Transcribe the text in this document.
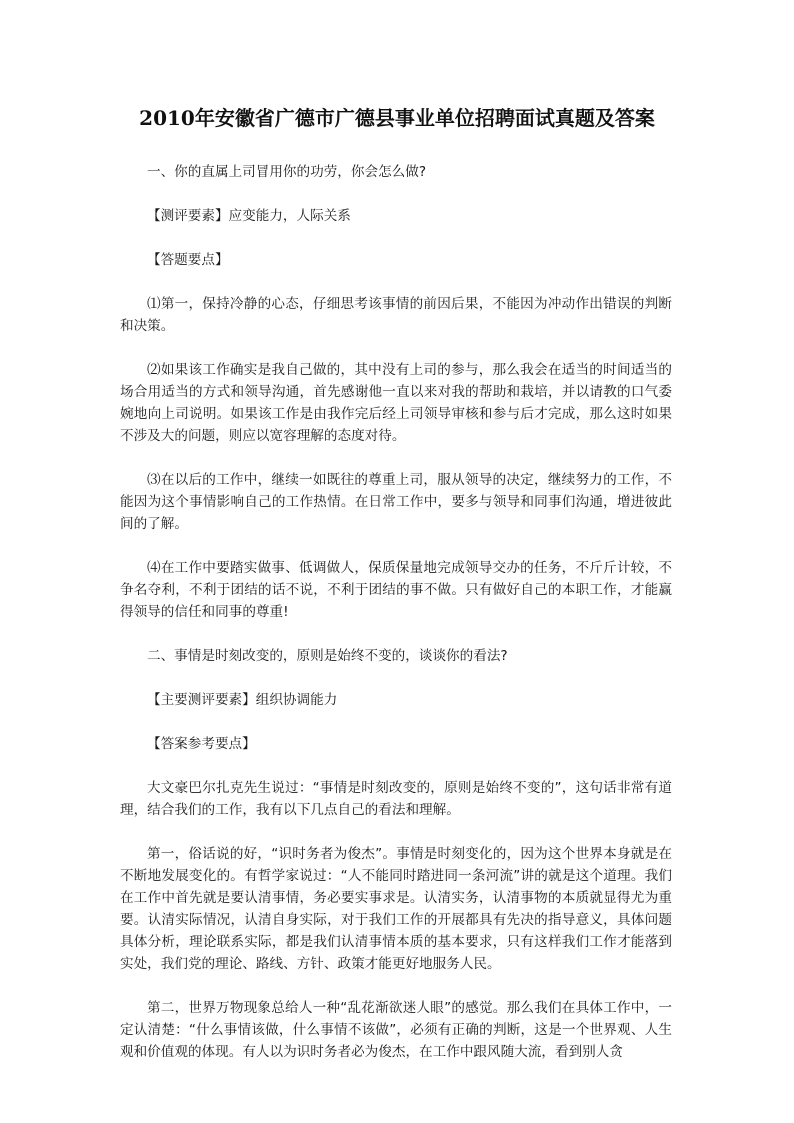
2010年安徽省广德市广德县事业单位招聘面试真题及答案

一、你的直属上司冒用你的功劳，你会怎么做?

【测评要素】应变能力，人际关系

【答题要点】

⑴第一，保持冷静的心态，仔细思考该事情的前因后果，不能因为冲动作出错误的判断和决策。

⑵如果该工作确实是我自己做的，其中没有上司的参与，那么我会在适当的时间适当的场合用适当的方式和领导沟通，首先感谢他一直以来对我的帮助和栽培，并以请教的口气委婉地向上司说明。如果该工作是由我作完后经上司领导审核和参与后才完成，那么这时如果不涉及大的问题，则应以宽容理解的态度对待。

⑶在以后的工作中，继续一如既往的尊重上司，服从领导的决定，继续努力的工作，不能因为这个事情影响自己的工作热情。在日常工作中，要多与领导和同事们沟通，增进彼此间的了解。

⑷在工作中要踏实做事、低调做人，保质保量地完成领导交办的任务，不斤斤计较，不争名夺利，不利于团结的话不说，不利于团结的事不做。只有做好自己的本职工作，才能赢得领导的信任和同事的尊重!

二、事情是时刻改变的，原则是始终不变的，谈谈你的看法?

【主要测评要素】组织协调能力

【答案参考要点】

大文豪巴尔扎克先生说过：“事情是时刻改变的，原则是始终不变的”，这句话非常有道理，结合我们的工作，我有以下几点自己的看法和理解。

第一，俗话说的好，“识时务者为俊杰”。事情是时刻变化的，因为这个世界本身就是在不断地发展变化的。有哲学家说过：“人不能同时踏进同一条河流”讲的就是这个道理。我们在工作中首先就是要认清事情，务必要实事求是。认清实务，认清事物的本质就显得尤为重要。认清实际情况，认清自身实际，对于我们工作的开展都具有先决的指导意义，具体问题具体分析，理论联系实际，都是我们认清事情本质的基本要求，只有这样我们工作才能落到实处，我们党的理论、路线、方针、政策才能更好地服务人民。

第二，世界万物现象总给人一种“乱花渐欲迷人眼”的感觉。那么我们在具体工作中，一定认清楚：“什么事情该做，什么事情不该做”，必须有正确的判断，这是一个世界观、人生观和价值观的体现。有人以为识时务者必为俊杰，在工作中跟风随大流，看到别人贪
